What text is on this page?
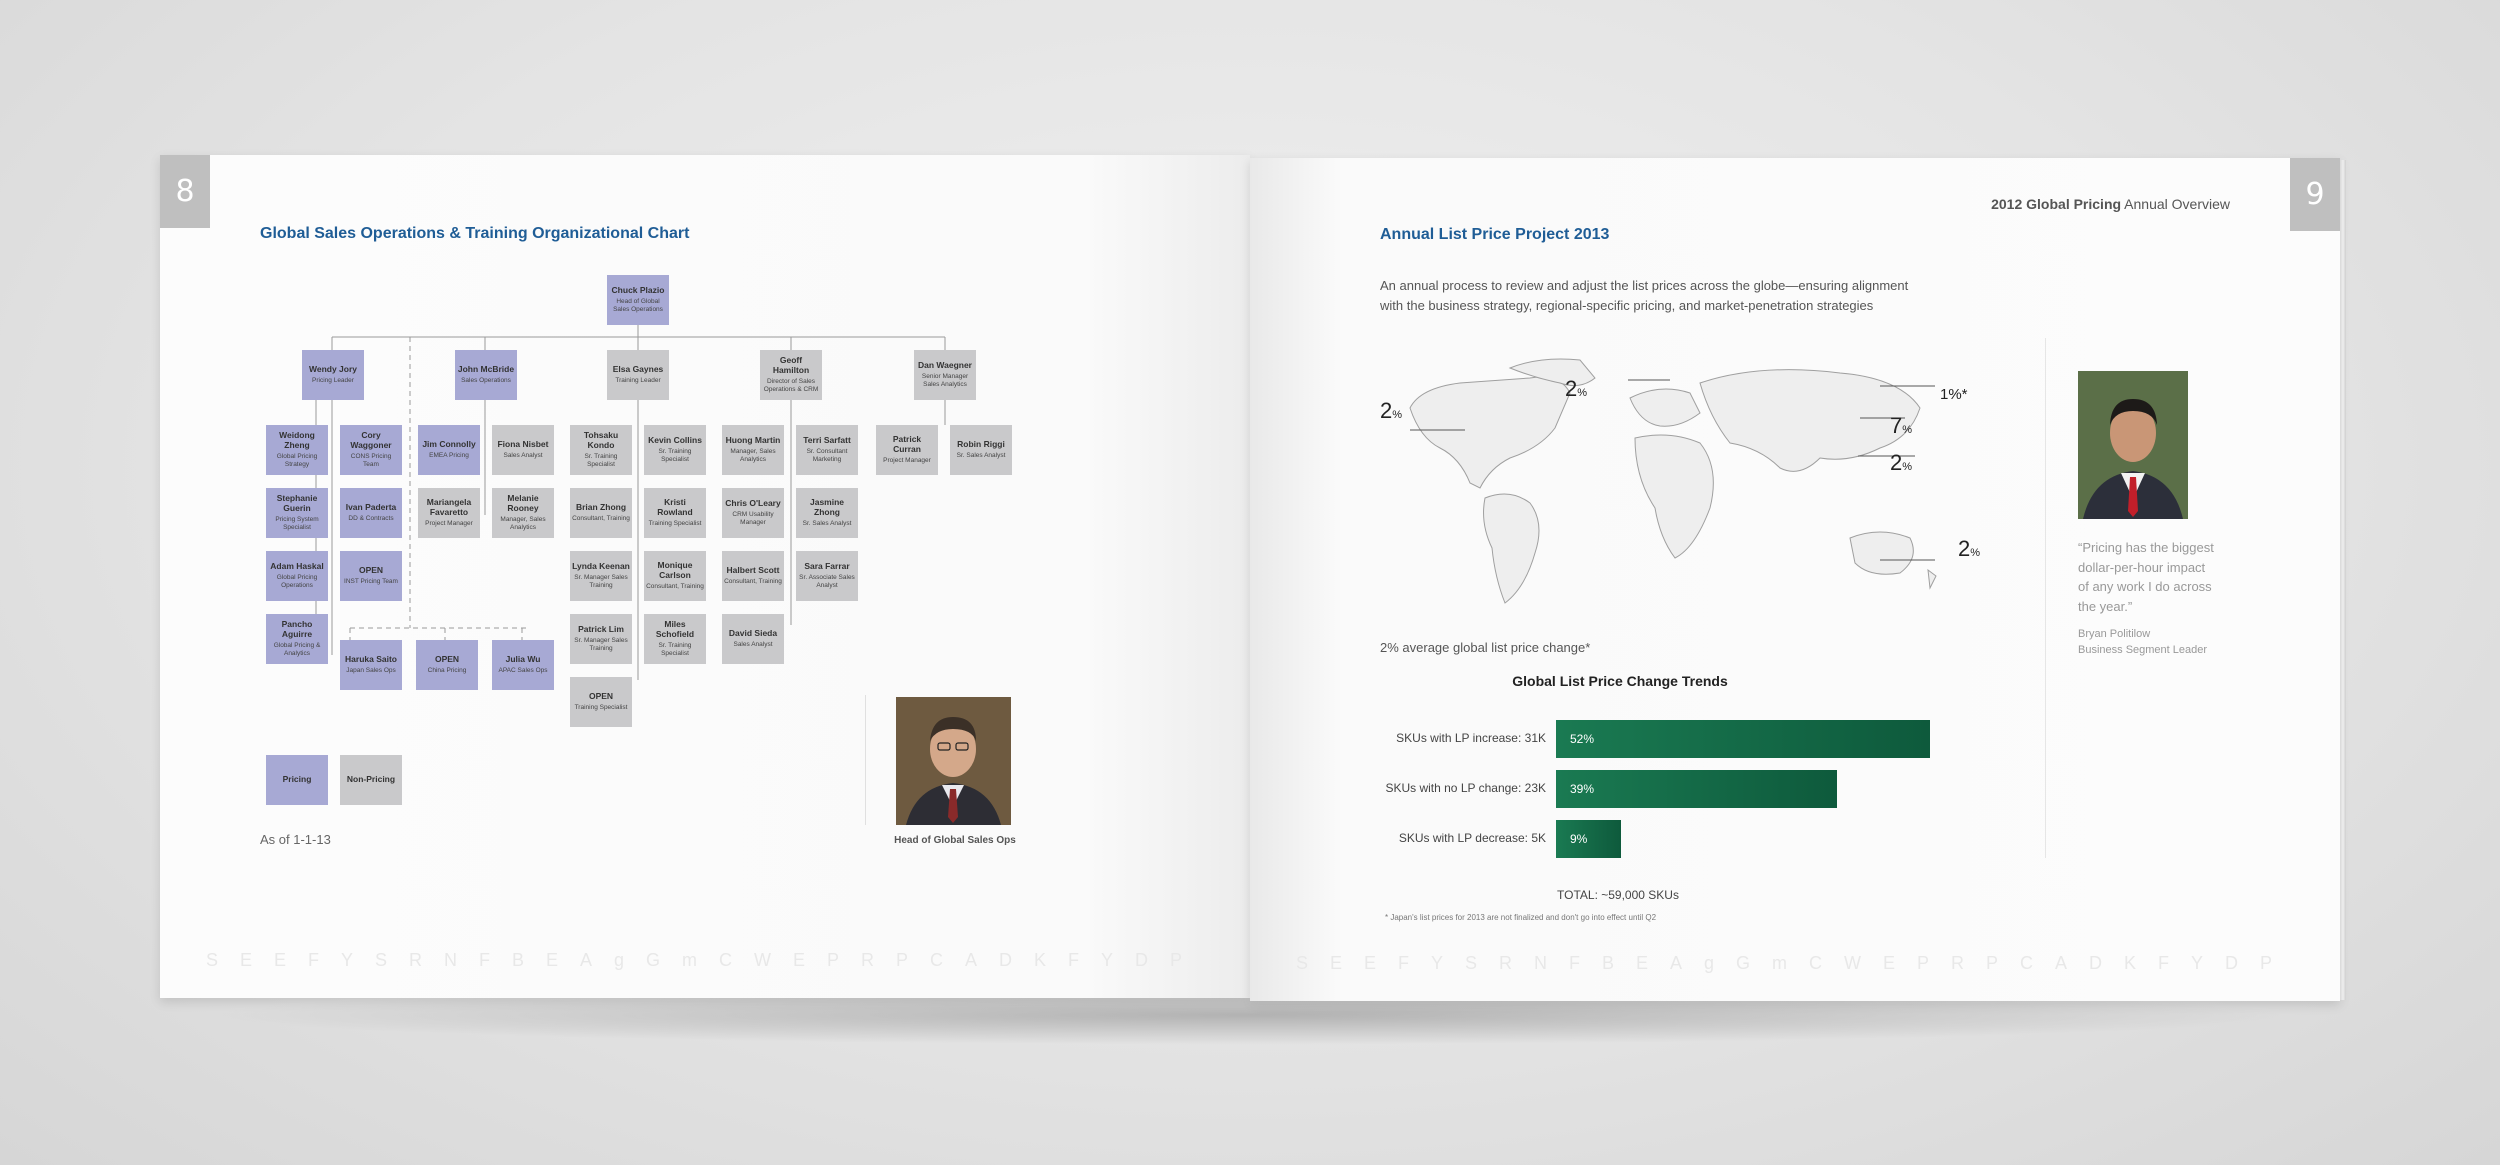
8
Global Sales Operations & Training Organizational Chart
Chuck Plazio
Head of Global Sales Operations
Wendy Jory
Pricing Leader
John McBride
Sales Operations
Elsa Gaynes
Training Leader
Geoff Hamilton
Director of Sales Operations & CRM
Dan Waegner
Senior Manager Sales Analytics
Weidong Zheng
Global Pricing Strategy
Stephanie Guerin
Pricing System Specialist
Adam Haskal
Global Pricing Operations
Pancho Aguirre
Global Pricing & Analytics
Cory Waggoner
CONS Pricing Team
Ivan Paderta
DD & Contracts
OPEN
INST Pricing Team
Haruka Saito
Japan Sales Ops
OPEN
China Pricing
Julia Wu
APAC Sales Ops
Jim Connolly
EMEA Pricing
Mariangela Favaretto
Project Manager
Fiona Nisbet
Sales Analyst
Melanie Rooney
Manager, Sales Analytics
Tohsaku Kondo
Sr. Training Specialist
Brian Zhong
Consultant, Training
Lynda Keenan
Sr. Manager Sales Training
Patrick Lim
Sr. Manager Sales Training
OPEN
Training Specialist
Kevin Collins
Sr. Training Specialist
Kristi Rowland
Training Specialist
Monique Carlson
Consultant, Training
Miles Schofield
Sr. Training Specialist
Huong Martin
Manager, Sales Analytics
Chris O'Leary
CRM Usability Manager
Halbert Scott
Consultant, Training
David Sieda
Sales Analyst
Terri Sarfatt
Sr. Consultant Marketing
Jasmine Zhong
Sr. Sales Analyst
Sara Farrar
Sr. Associate Sales Analyst
Patrick Curran
Project Manager
Robin Riggi
Sr. Sales Analyst
Pricing	Non-Pricing
As of 1-1-13	Head of Global Sales Ops
SEEFYSRNFBEAgGmCWEPRPCADKFYDP
9
2012 Global Pricing Annual Overview
Annual List Price Project 2013
An annual process to review and adjust the list prices across the globe—ensuring alignment with the business strategy, regional-specific pricing, and market-penetration strategies
2%
2%	1%*
7%
2%
2%
2% average global list price change*
Global List Price Change Trends
TOTAL: ~59,000 SKUs
* Japan's list prices for 2013 are not finalized and don't go into effect until Q2
“Pricing has the biggest dollar-per-hour impact of any work I do across the year.”
Bryan Politilow
Business Segment Leader
SEEFYSRNFBEAgGmCWEPRPCADKFYDP
SKUs with LP increase: 31K 52%
SKUs with no LP change: 23K 39%
SKUs with LP decrease: 5K 9%
